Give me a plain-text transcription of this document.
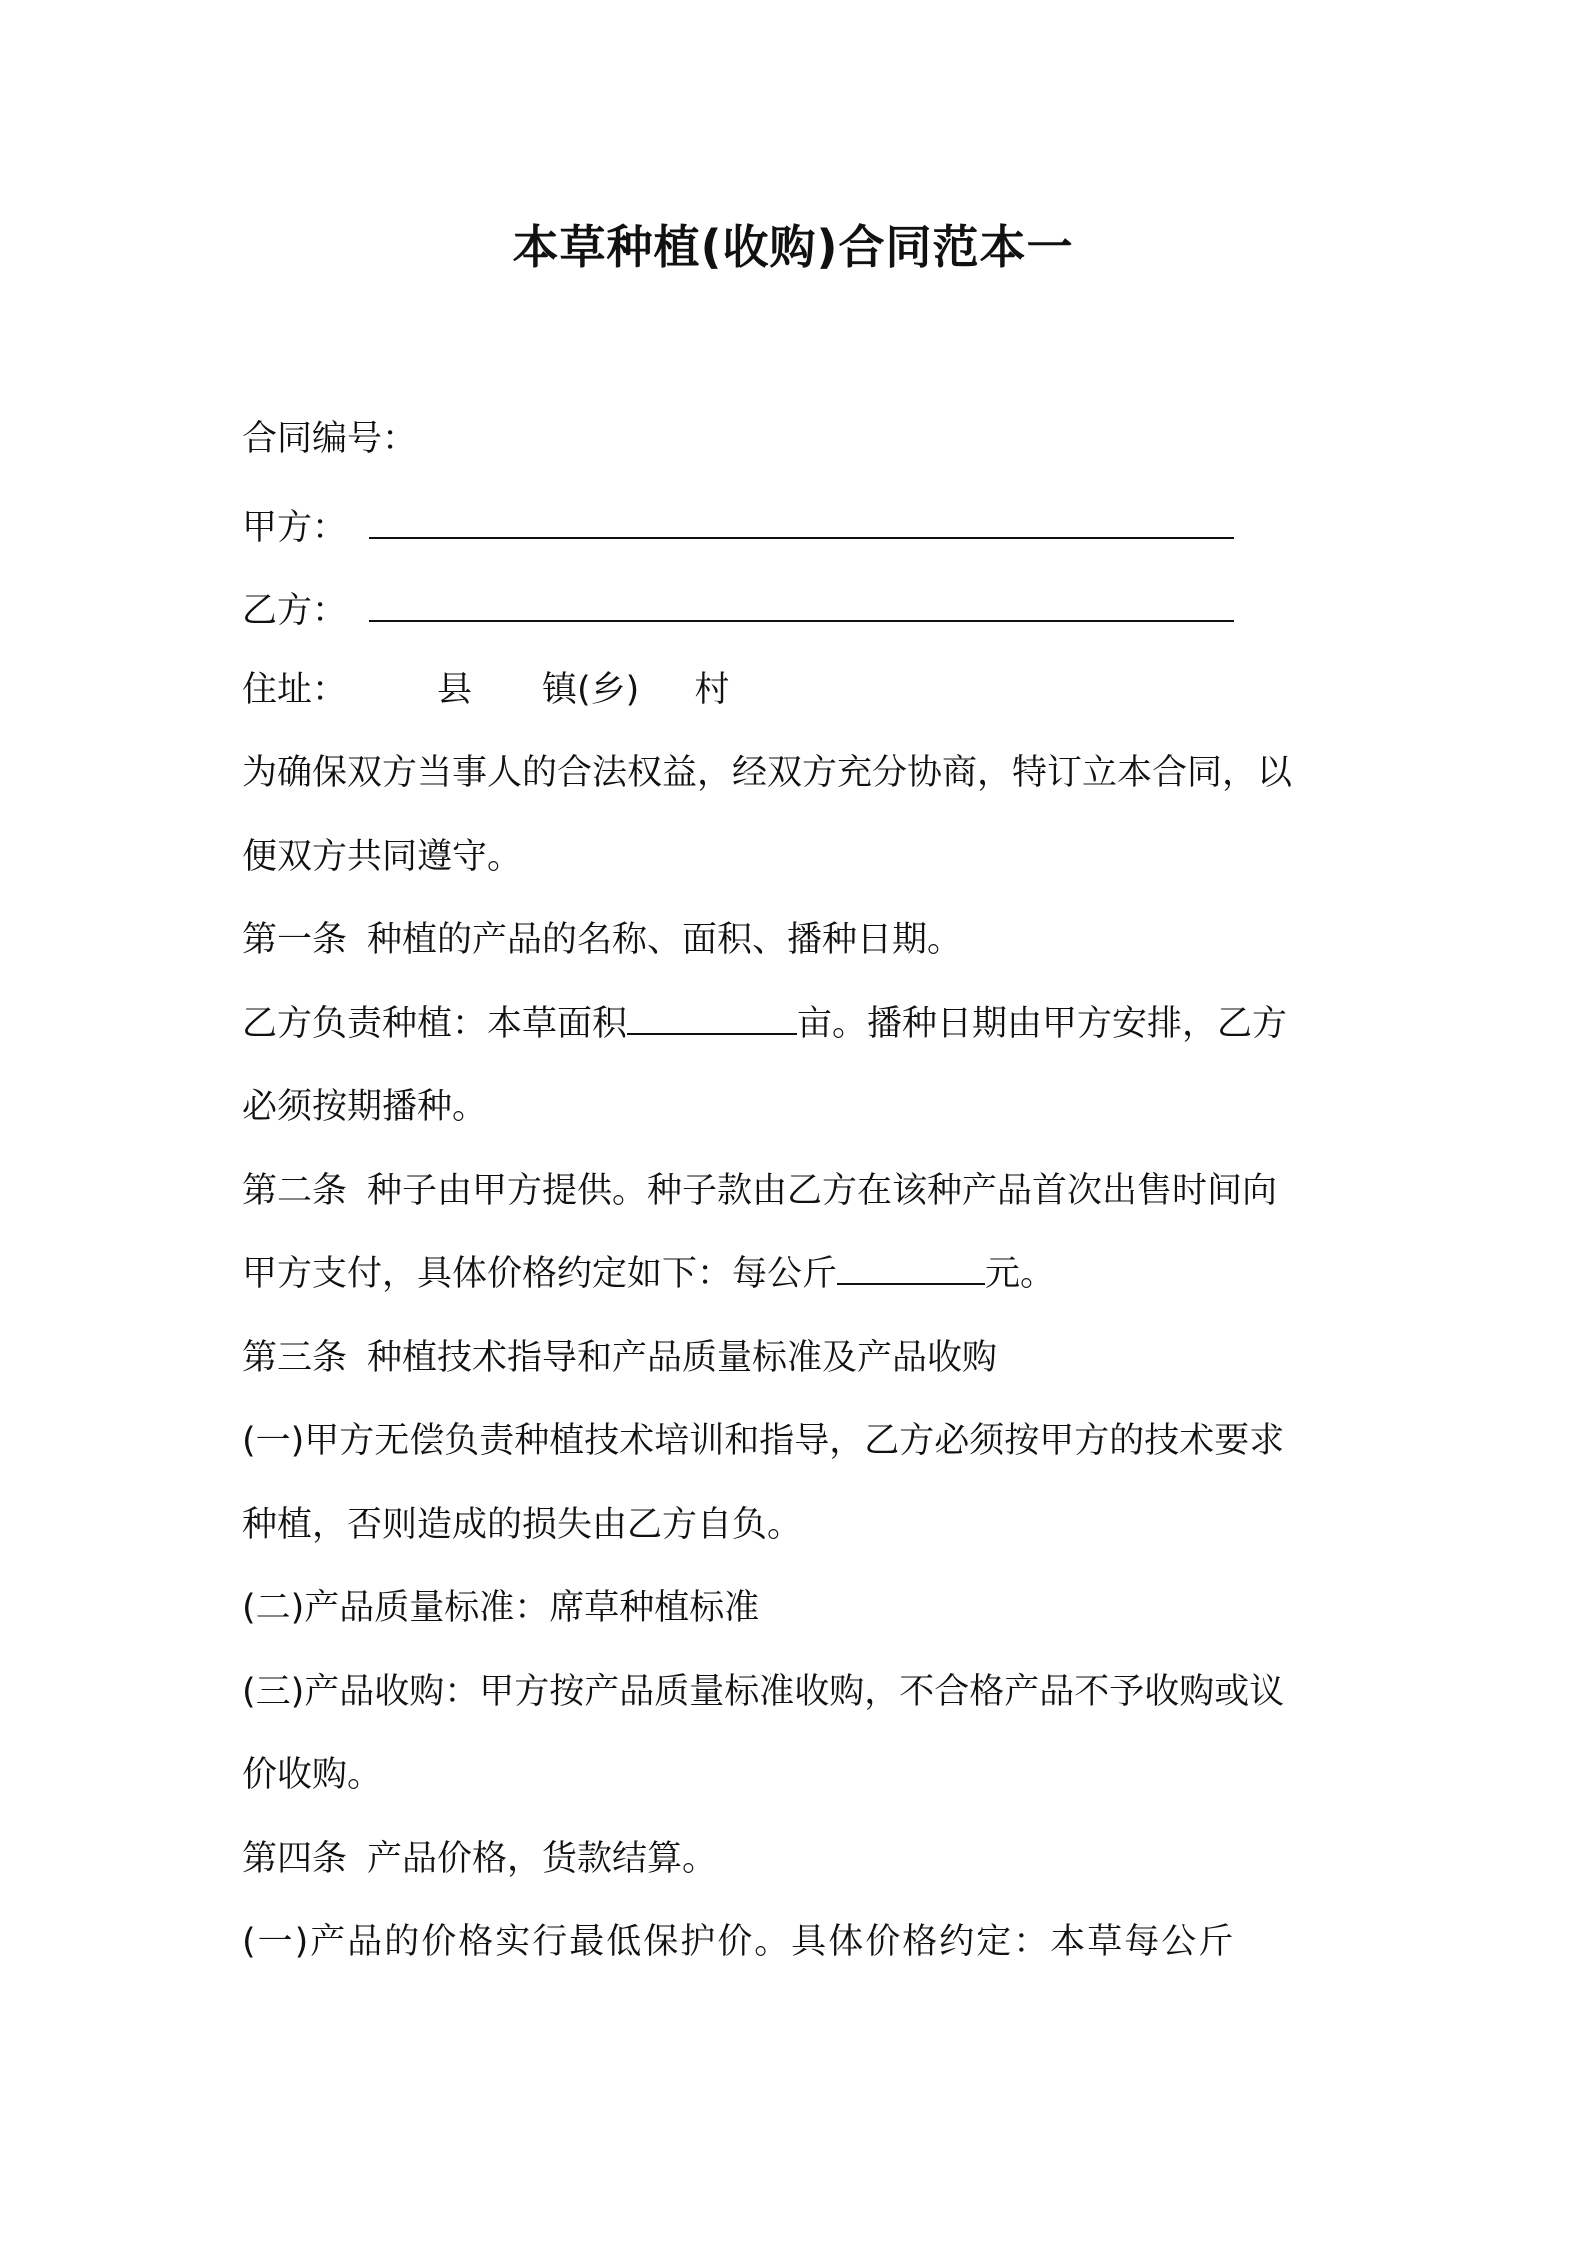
本草种植(收购)合同范本一
合同编号：
甲方：
乙方：
住址：	县 镇(乡) 村
为确保双方当事人的合法权益，经双方充分协商，特订立本合同，以
便双方共同遵守。
第一条 种植的产品的名称、面积、播种日期。
乙方负责种植：本草面积	亩。播种日期由甲方安排，乙方
必须按期播种。
第二条 种子由甲方提供。种子款由乙方在该种产品首次出售时间向
甲方支付，具体价格约定如下：每公斤	元。
第三条 种植技术指导和产品质量标准及产品收购
(一)甲方无偿负责种植技术培训和指导，乙方必须按甲方的技术要求
种植，否则造成的损失由乙方自负。
(二)产品质量标准：席草种植标准
(三)产品收购：甲方按产品质量标准收购，不合格产品不予收购或议
价收购。
第四条 产品价格，货款结算。
(一)产品的价格实行最低保护价。具体价格约定：本草每公斤
